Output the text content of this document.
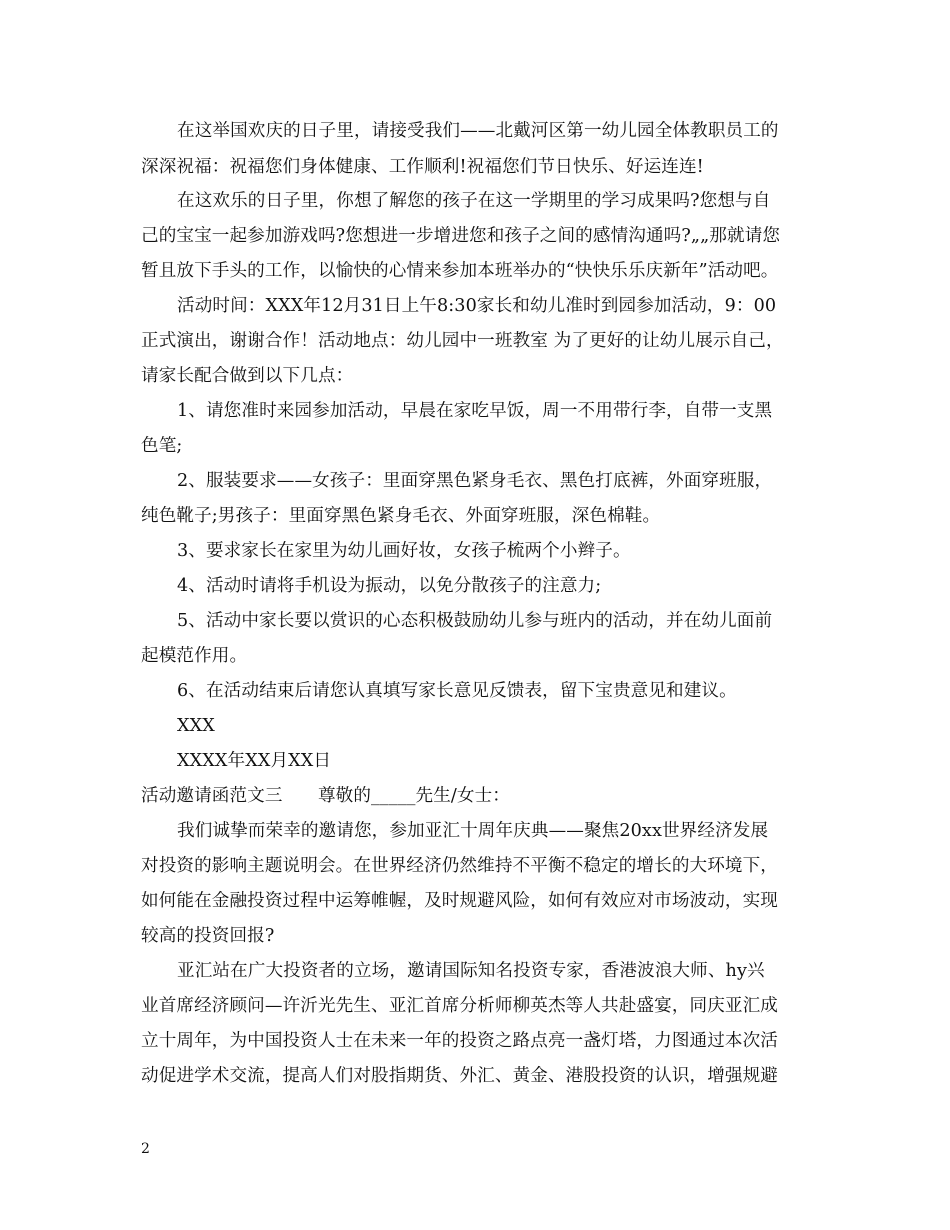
在这举国欢庆的日子里，请接受我们——北戴河区第一幼儿园全体教职员工的
深深祝福：祝福您们身体健康、工作顺利!祝福您们节日快乐、好运连连!
在这欢乐的日子里，你想了解您的孩子在这一学期里的学习成果吗?您想与自
己的宝宝一起参加游戏吗?您想进一步增进您和孩子之间的感情沟通吗?„„那就请您
暂且放下手头的工作，以愉快的心情来参加本班举办的“快快乐乐庆新年”活动吧。
活动时间：XXX年12月31日上午8:30家长和幼儿准时到园参加活动，9：00
正式演出，谢谢合作！活动地点：幼儿园中一班教室 为了更好的让幼儿展示自己，
请家长配合做到以下几点：
1、请您准时来园参加活动，早晨在家吃早饭，周一不用带行李，自带一支黑
色笔;
2、服装要求——女孩子：里面穿黑色紧身毛衣、黑色打底裤，外面穿班服，
纯色靴子;男孩子：里面穿黑色紧身毛衣、外面穿班服，深色棉鞋。
3、要求家长在家里为幼儿画好妆，女孩子梳两个小辫子。
4、活动时请将手机设为振动，以免分散孩子的注意力;
5、活动中家长要以赏识的心态积极鼓励幼儿参与班内的活动，并在幼儿面前
起模范作用。
6、在活动结束后请您认真填写家长意见反馈表，留下宝贵意见和建议。
XXX
XXXX年XX月XX日
活动邀请函范文三　　尊敬的_____先生/女士：
我们诚挚而荣幸的邀请您，参加亚汇十周年庆典——聚焦20xx世界经济发展
对投资的影响主题说明会。在世界经济仍然维持不平衡不稳定的增长的大环境下，
如何能在金融投资过程中运筹帷幄，及时规避风险，如何有效应对市场波动，实现
较高的投资回报?
亚汇站在广大投资者的立场，邀请国际知名投资专家，香港波浪大师、hy兴
业首席经济顾问—许沂光先生、亚汇首席分析师柳英杰等人共赴盛宴，同庆亚汇成
立十周年，为中国投资人士在未来一年的投资之路点亮一盏灯塔，力图通过本次活
动促进学术交流，提高人们对股指期货、外汇、黄金、港股投资的认识，增强规避
2
